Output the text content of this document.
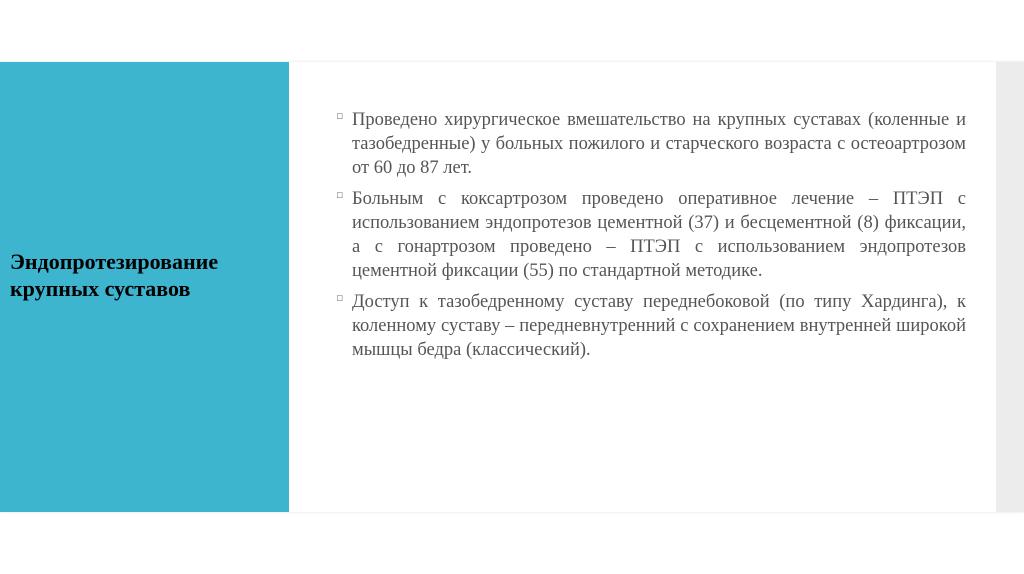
Эндопротезирование крупных суставов
▫ Проведено хирургическое вмешательство на крупных суставах (коленные и тазобедренные) у больных пожилого и старческого возраста с остеоартрозом от 60 до 87 лет.
▫ Больным с коксартрозом проведено оперативное лечение – ПТЭП с использованием эндопротезов цементной (37) и бесцементной (8) фиксации, а с гонартрозом проведено – ПТЭП с использованием эндопротезов цементной фиксации (55) по стандартной методике.
▫ Доступ к тазобедренному суставу переднебоковой (по типу Хардинга), к коленному суставу – передневнутренний с сохранением внутренней широкой мышцы бедра (классический).
